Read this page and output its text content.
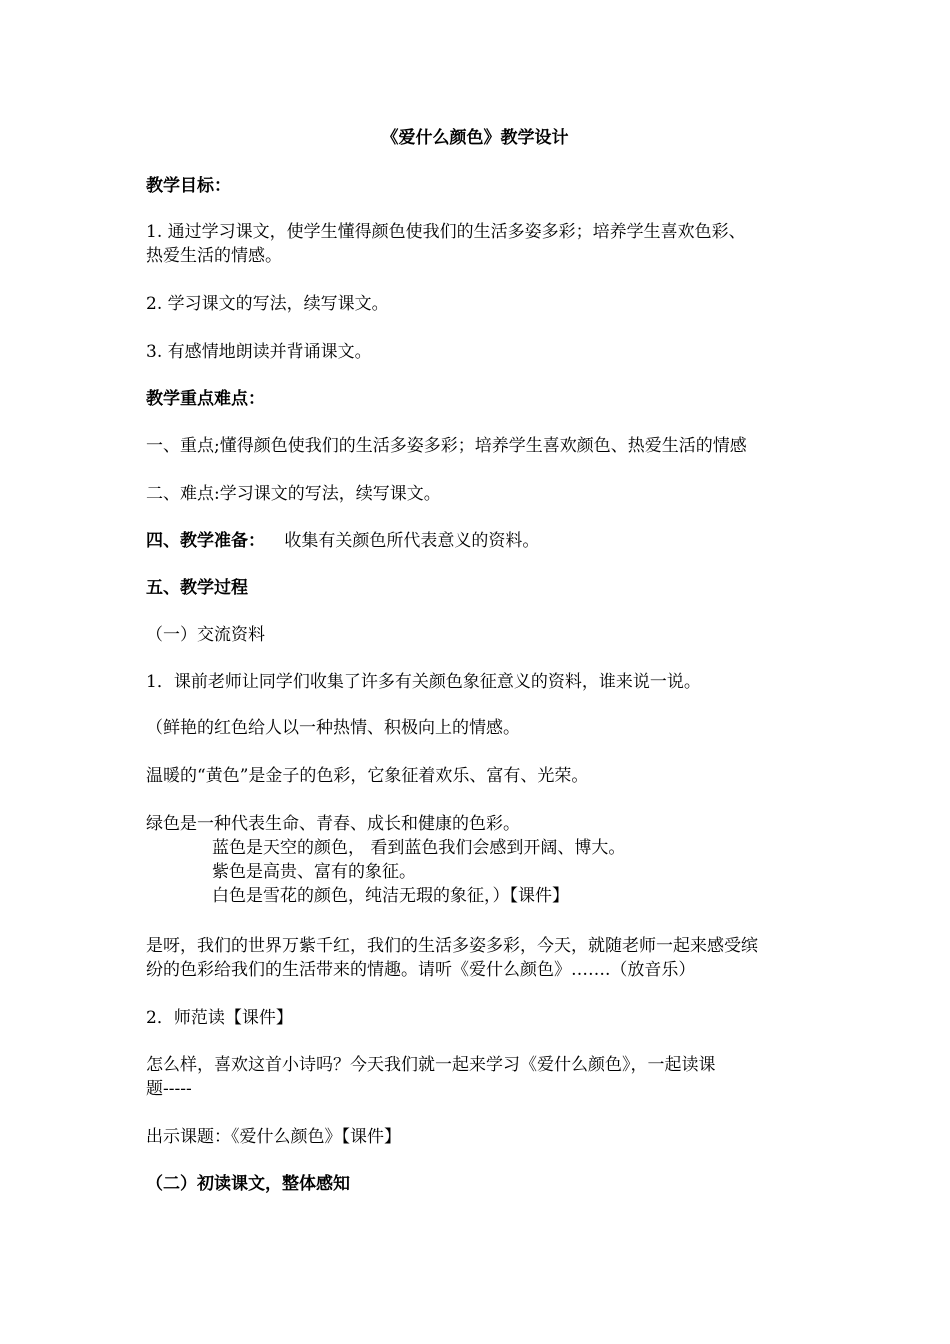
《爱什么颜色》教学设计
教学目标：
1. 通过学习课文，使学生懂得颜色使我们的生活多姿多彩；培养学生喜欢色彩、
热爱生活的情感。
2. 学习课文的写法，续写课文。
3. 有感情地朗读并背诵课文。
教学重点难点：
一、重点;懂得颜色使我们的生活多姿多彩；培养学生喜欢颜色、热爱生活的情感
二、难点:学习课文的写法，续写课文。
四、教学准备： 收集有关颜色所代表意义的资料。
五、教学过程
（一）交流资料
1．课前老师让同学们收集了许多有关颜色象征意义的资料，谁来说一说。
（鲜艳的红色给人以一种热情、积极向上的情感。
温暖的“黄色”是金子的色彩，它象征着欢乐、富有、光荣。
绿色是一种代表生命、青春、成长和健康的色彩。
蓝色是天空的颜色， 看到蓝色我们会感到开阔、博大。
紫色是高贵、富有的象征。
白色是雪花的颜色，纯洁无瑕的象征，）【课件】
是呀，我们的世界万紫千红，我们的生活多姿多彩，今天，就随老师一起来感受缤
纷的色彩给我们的生活带来的情趣。请听《爱什么颜色》…….（放音乐）
2．师范读【课件】
怎么样，喜欢这首小诗吗？今天我们就一起来学习《爱什么颜色》，一起读课
题-----
出示课题：《爱什么颜色》【课件】
（二）初读课文，整体感知
